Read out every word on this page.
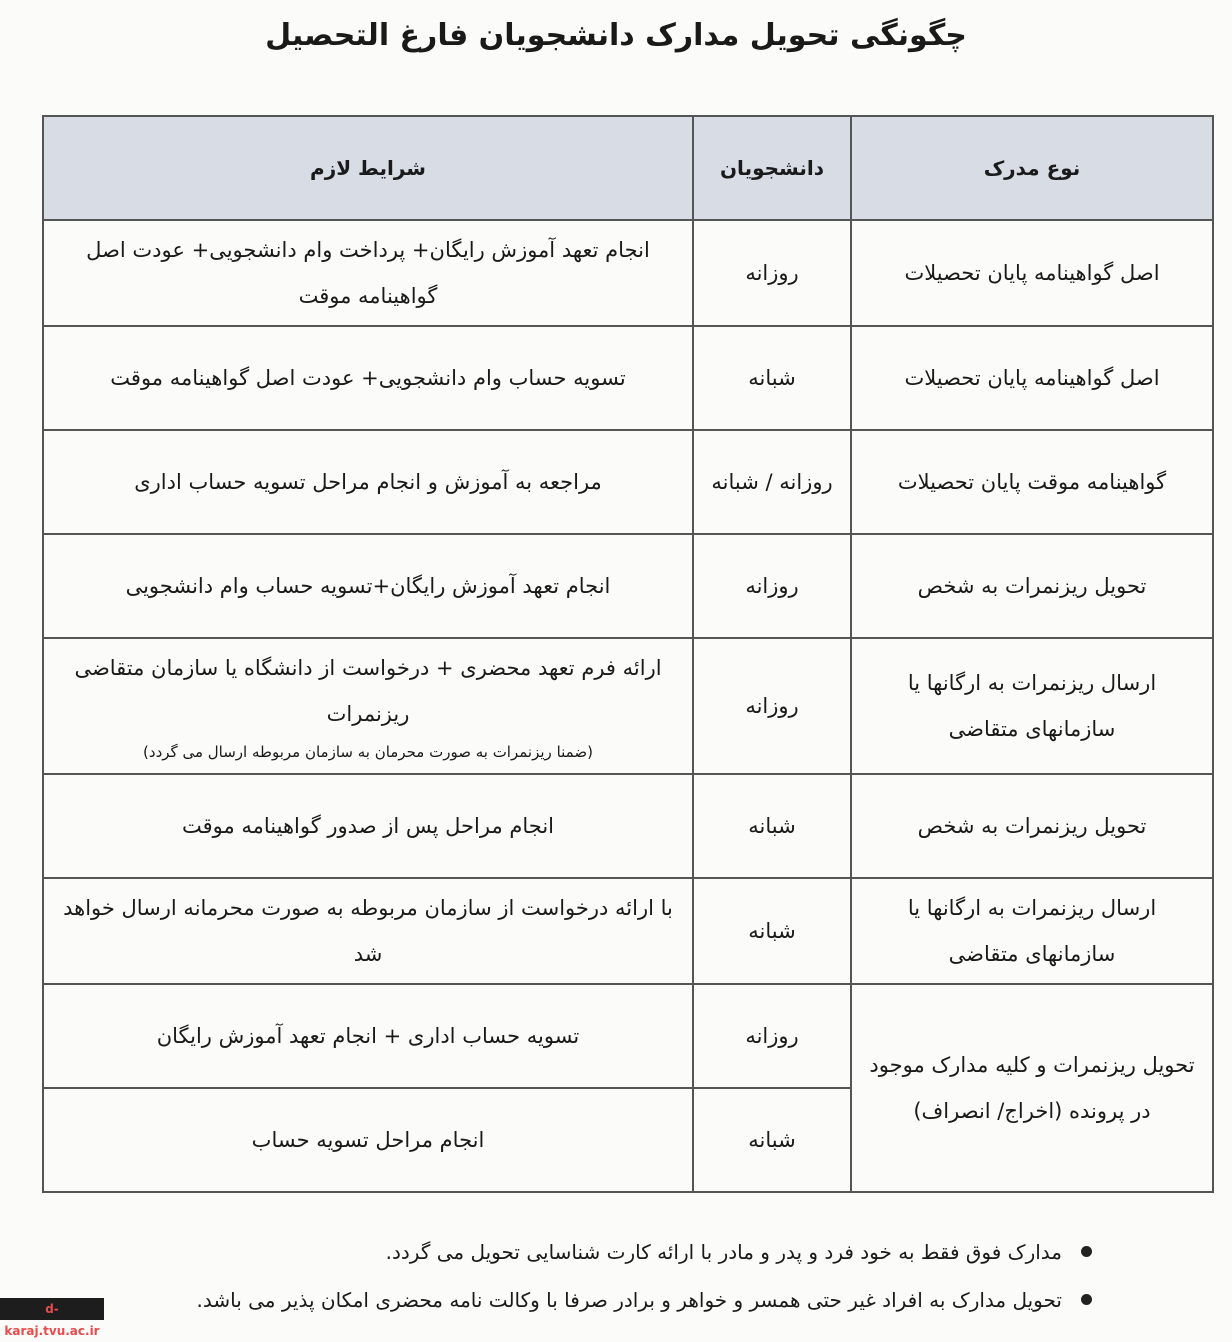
چگونگی تحویل مدارک دانشجویان فارغ التحصیل
نوع مدرک	دانشجویان	شرایط لازم
اصل گواهینامه پایان تحصیلات	روزانه	انجام تعهد آموزش رایگان+ پرداخت وام دانشجویی+ عودت اصل گواهینامه موقت
اصل گواهینامه پایان تحصیلات	شبانه	تسویه حساب وام دانشجویی+ عودت اصل گواهینامه موقت
گواهینامه موقت پایان تحصیلات	روزانه / شبانه	مراجعه به آموزش و انجام مراحل تسویه حساب اداری
تحویل ریزنمرات به شخص	روزانه	انجام تعهد آموزش رایگان+تسویه حساب وام دانشجویی
ارسال ریزنمرات به ارگانها یا سازمانهای متقاضی	روزانه	ارائه فرم تعهد محضری + درخواست از دانشگاه یا سازمان متقاضی ریزنمرات
(ضمنا ریزنمرات به صورت محرمان به سازمان مربوطه ارسال می گردد)

تحویل ریزنمرات به شخص	شبانه	انجام مراحل پس از صدور گواهینامه موقت
ارسال ریزنمرات به ارگانها یا سازمانهای متقاضی	شبانه	با ارائه درخواست از سازمان مربوطه به صورت محرمانه ارسال خواهد شد
تحویل ریزنمرات و کلیه مدارک موجود در پرونده (اخراج/ انصراف)	روزانه	تسویه حساب اداری + انجام تعهد آموزش رایگان
	شبانه	انجام مراحل تسویه حساب
مدارک فوق فقط به خود فرد و پدر و مادر با ارائه کارت شناسایی تحویل می گردد.
تحویل مدارک به افراد غیر حتی همسر و خواهر و برادر صرفا با وکالت نامه محضری امکان پذیر می باشد.
d-karaj.tvu.ac.ir
